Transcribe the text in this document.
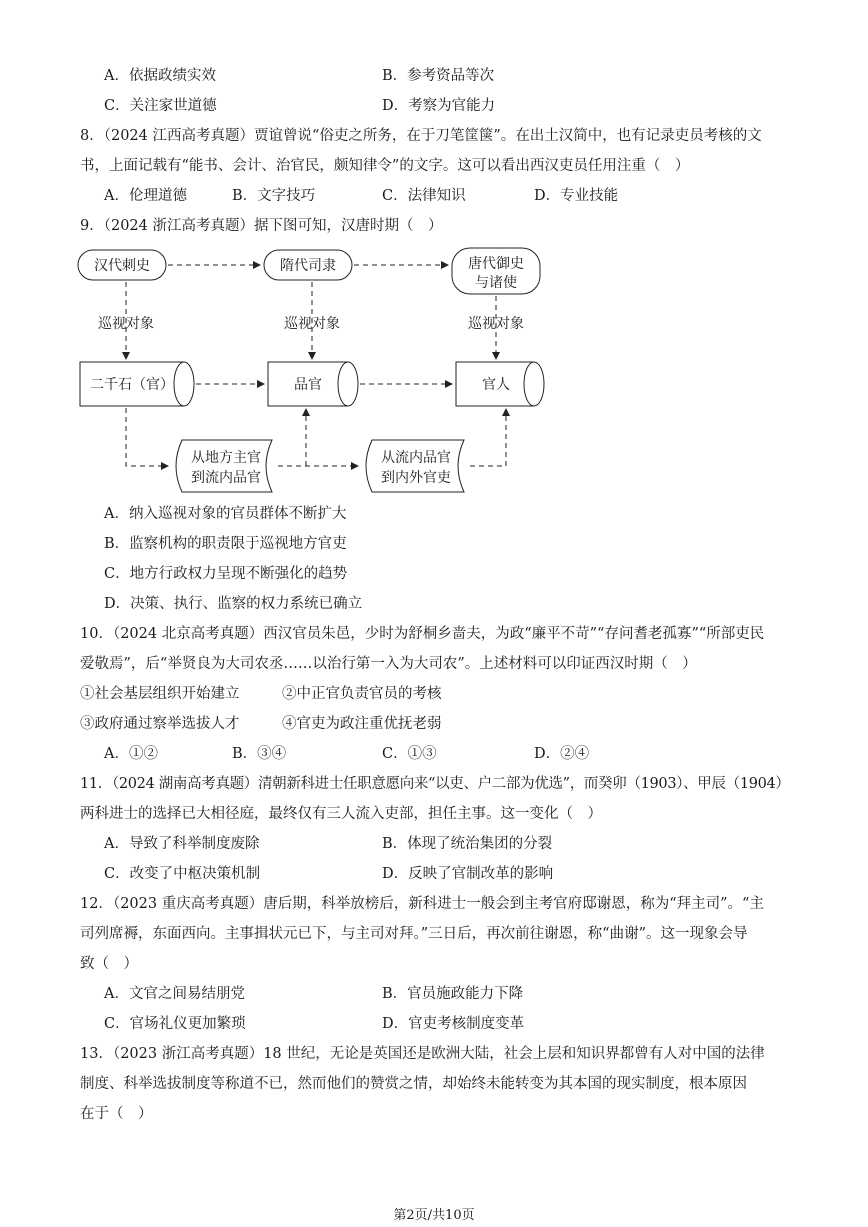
A．依据政绩实效	B．参考资品等次
C．关注家世道德	D．考察为官能力
8．（2024 江西高考真题）贾谊曾说“俗吏之所务，在于刀笔筐箧”。在出土汉简中，也有记录吏员考核的文
书，上面记载有“能书、会计、治官民，颇知律令”的文字。这可以看出西汉吏员任用注重（　）
A．伦理道德	B．文字技巧	C．法律知识	D．专业技能
9．（2024 浙江高考真题）据下图可知，汉唐时期（　）
汉代刺史	隋代司隶	唐代御史
与诸使
巡视对象	巡视对象	巡视对象
二千石（官）	品官	官人
从地方主官
到流内品官
从流内品官
到内外官吏
A．纳入巡视对象的官员群体不断扩大
B．监察机构的职责限于巡视地方官吏
C．地方行政权力呈现不断强化的趋势
D．决策、执行、监察的权力系统已确立
10．（2024 北京高考真题）西汉官员朱邑，少时为舒桐乡啬夫，为政“廉平不苛”“存问耆老孤寡”“所部吏民
爱敬焉”，后“举贤良为大司农丞……以治行第一入为大司农”。上述材料可以印证西汉时期（　）
①社会基层组织开始建立	②中正官负责官员的考核
③政府通过察举选拔人才	④官吏为政注重优抚老弱
A．①②	B．③④	C．①③	D．②④
11．（2024 湖南高考真题）清朝新科进士任职意愿向来“以吏、户二部为优选”，而癸卯（1903）、甲辰（1904）
两科进士的选择已大相径庭，最终仅有三人流入吏部，担任主事。这一变化（　）
A．导致了科举制度废除	B．体现了统治集团的分裂
C．改变了中枢决策机制	D．反映了官制改革的影响
12．（2023 重庆高考真题）唐后期，科举放榜后，新科进士一般会到主考官府邸谢恩，称为“拜主司”。“主
司列席褥，东面西向。主事揖状元已下，与主司对拜。”三日后，再次前往谢恩，称“曲谢”。这一现象会导
致（　）
A．文官之间易结朋党	B．官员施政能力下降
C．官场礼仪更加繁琐	D．官吏考核制度变革
13．（2023 浙江高考真题）18 世纪，无论是英国还是欧洲大陆，社会上层和知识界都曾有人对中国的法律
制度、科举选拔制度等称道不已，然而他们的赞赏之情，却始终未能转变为其本国的现实制度，根本原因
在于（　）
第2页/共10页
